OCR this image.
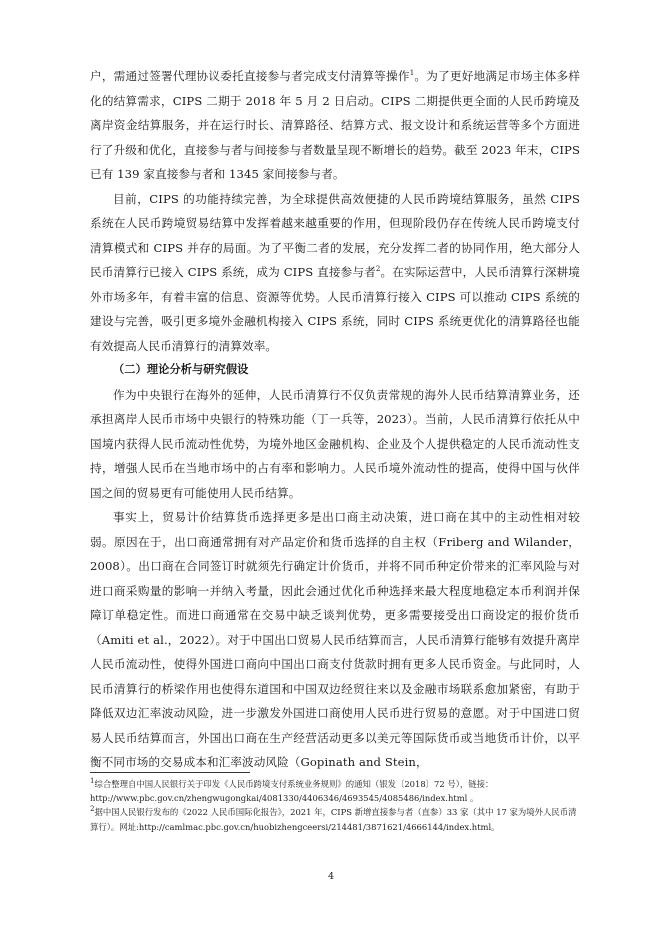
户，需通过签署代理协议委托直接参与者完成支付清算等操作$^1$。为了更好地满足市场主体多样化的结算需求，CIPS 二期于 2018 年 5 月 2 日启动。CIPS 二期提供更全面的人民币跨境及离岸资金结算服务，并在运行时长、清算路径、结算方式、报文设计和系统运营等多个方面进行了升级和优化，直接参与者与间接参与者数量呈现不断增长的趋势。截至 2023 年末，CIPS 已有 139 家直接参与者和 1345 家间接参与者。

目前，CIPS 的功能持续完善，为全球提供高效便捷的人民币跨境结算服务，虽然 CIPS 系统在人民币跨境贸易结算中发挥着越来越重要的作用，但现阶段仍存在传统人民币跨境支付清算模式和 CIPS 并存的局面。为了平衡二者的发展，充分发挥二者的协同作用，绝大部分人民币清算行已接入 CIPS 系统，成为 CIPS 直接参与者$^2$。在实际运营中，人民币清算行深耕境外市场多年，有着丰富的信息、资源等优势。人民币清算行接入 CIPS 可以推动 CIPS 系统的建设与完善，吸引更多境外金融机构接入 CIPS 系统，同时 CIPS 系统更优化的清算路径也能有效提高人民币清算行的清算效率。

（二）理论分析与研究假设

作为中央银行在海外的延伸，人民币清算行不仅负责常规的海外人民币结算清算业务，还承担离岸人民币市场中央银行的特殊功能（丁一兵等，2023）。当前，人民币清算行依托从中国境内获得人民币流动性优势，为境外地区金融机构、企业及个人提供稳定的人民币流动性支持，增强人民币在当地市场中的占有率和影响力。人民币境外流动性的提高，使得中国与伙伴国之间的贸易更有可能使用人民币结算。

事实上，贸易计价结算货币选择更多是出口商主动决策，进口商在其中的主动性相对较弱。原因在于，出口商通常拥有对产品定价和货币选择的自主权（Friberg and Wilander，2008）。出口商在合同签订时就须先行确定计价货币，并将不同币种定价带来的汇率风险与对进口商采购量的影响一并纳入考量，因此会通过优化币种选择来最大程度地稳定本币利润并保障订单稳定性。而进口商通常在交易中缺乏谈判优势，更多需要接受出口商设定的报价货币（Amiti et al.，2022）。对于中国出口贸易人民币结算而言，人民币清算行能够有效提升离岸人民币流动性，使得外国进口商向中国出口商支付货款时拥有更多人民币资金。与此同时，人民币清算行的桥梁作用也使得东道国和中国双边经贸往来以及金融市场联系愈加紧密，有助于降低双边汇率波动风险，进一步激发外国进口商使用人民币进行贸易的意愿。对于中国进口贸易人民币结算而言，外国出口商在生产经营活动更多以美元等国际货币或当地货币计价，以平衡不同市场的交易成本和汇率波动风险（Gopinath and Stein，

$^1$综合整理自中国人民银行关于印发《人民币跨境支付系统业务规则》的通知（银发〔2018〕72 号），链接：http://www.pbc.gov.cn/zhengwugongkai/4081330/4406346/4693545/4085486/index.html 。

$^2$据中国人民银行发布的《2022 人民币国际化报告》，2021 年，CIPS 新增直接参与者（直参）33 家（其中 17 家为境外人民币清算行）。网址:http://camlmac.pbc.gov.cn/huobizhengceersi/214481/3871621/4666144/index.html。

4
